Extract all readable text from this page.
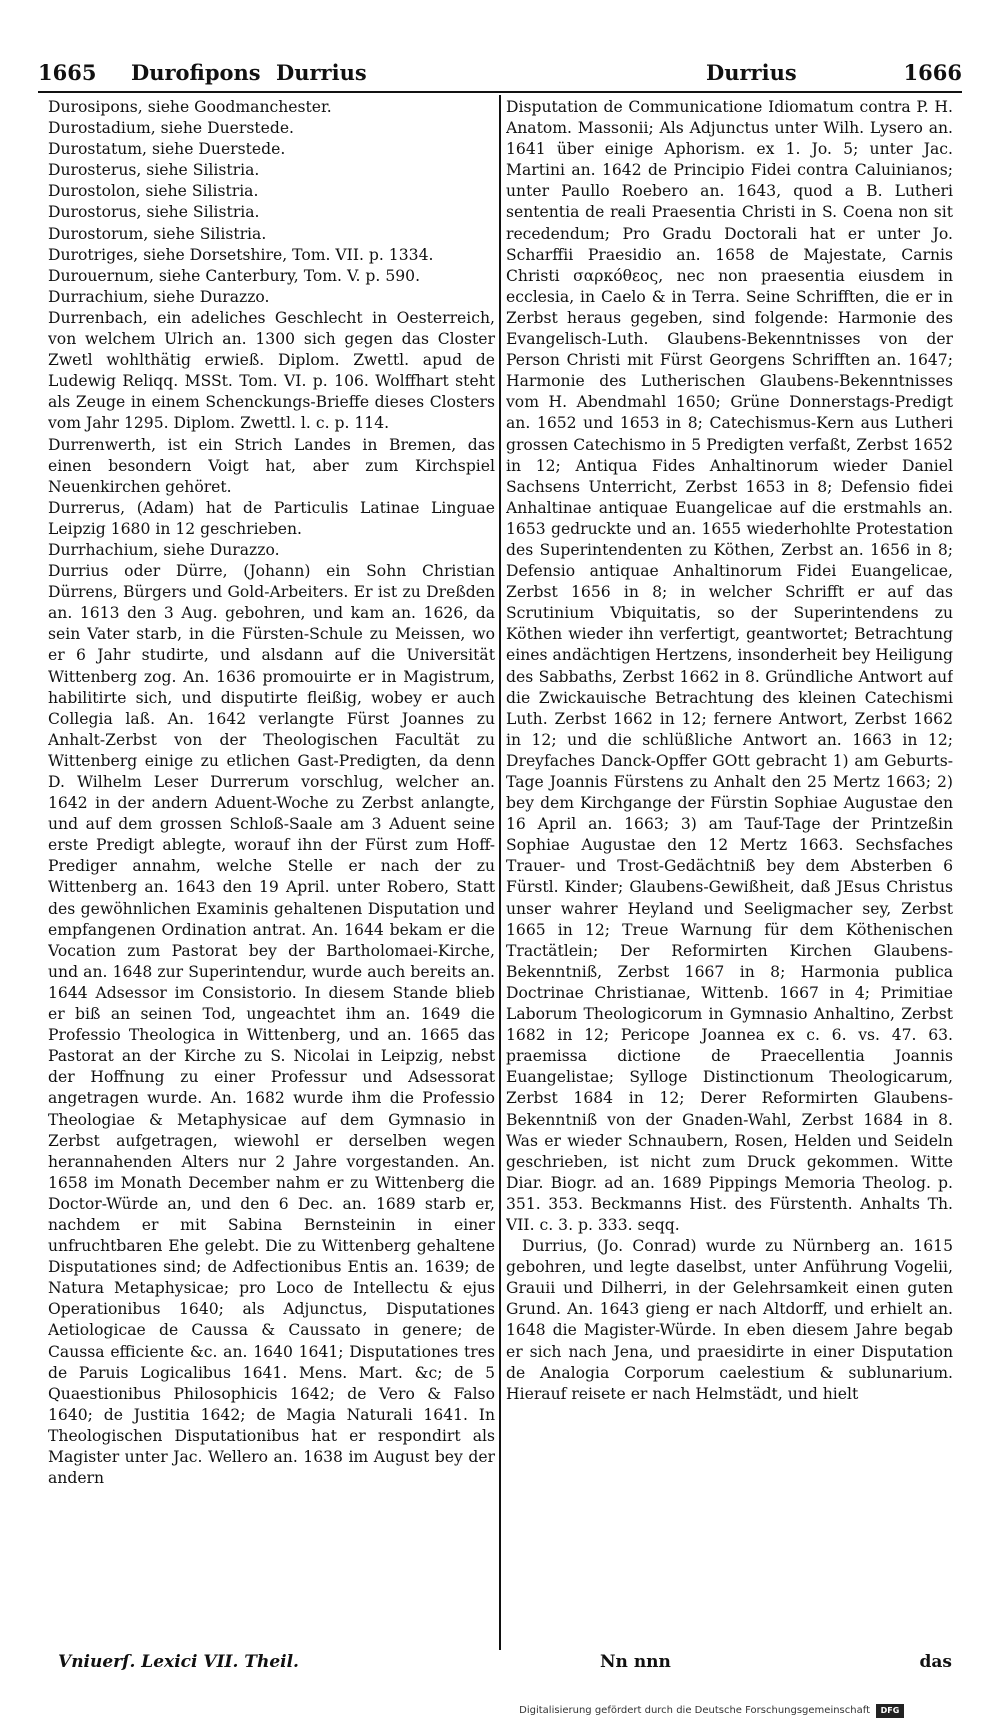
1665 Durofipons Durrius	Durrius	1666

Durosipons, siehe Goodmanchester.

Durostadium, siehe Duerstede.

Durostatum, siehe Duerstede.

Durosterus, siehe Silistria.

Durostolon, siehe Silistria.

Durostorus, siehe Silistria.

Durostorum, siehe Silistria.

Durotriges, siehe Dorsetshire, Tom. VII. p. 1334.

Durouernum, siehe Canterbury, Tom. V. p. 590.

Durrachium, siehe Durazzo.

Durrenbach, ein adeliches Geschlecht in Oesterreich, von welchem Ulrich an. 1300 sich gegen das Closter Zwetl wohlthätig erwieß. Diplom. Zwettl. apud de Ludewig Reliqq. MSSt. Tom. VI. p. 106. Wolffhart steht als Zeuge in einem Schenckungs-Brieffe dieses Closters vom Jahr 1295. Diplom. Zwettl. l. c. p. 114.

Durrenwerth, ist ein Strich Landes in Bremen, das einen besondern Voigt hat, aber zum Kirchspiel Neuenkirchen gehöret.

Durrerus, (Adam) hat de Particulis Latinae Linguae Leipzig 1680 in 12 geschrieben.

Durrhachium, siehe Durazzo.

Durrius oder Dürre, (Johann) ein Sohn Christian Dürrens, Bürgers und Gold-Arbeiters. Er ist zu Dreßden an. 1613 den 3 Aug. gebohren, und kam an. 1626, da sein Vater starb, in die Fürsten-Schule zu Meissen, wo er 6 Jahr studirte, und alsdann auf die Universität Wittenberg zog. An. 1636 promouirte er in Magistrum, habilitirte sich, und disputirte fleißig, wobey er auch Collegia laß. An. 1642 verlangte Fürst Joannes zu Anhalt-Zerbst von der Theologischen Facultät zu Wittenberg einige zu etlichen Gast-Predigten, da denn D. Wilhelm Leser Durrerum vorschlug, welcher an. 1642 in der andern Aduent-Woche zu Zerbst anlangte, und auf dem grossen Schloß-Saale am 3 Aduent seine erste Predigt ablegte, worauf ihn der Fürst zum Hoff-Prediger annahm, welche Stelle er nach der zu Wittenberg an. 1643 den 19 April. unter Robero, Statt des gewöhnlichen Examinis gehaltenen Disputation und empfangenen Ordination antrat. An. 1644 bekam er die Vocation zum Pastorat bey der Bartholomaei-Kirche, und an. 1648 zur Superintendur, wurde auch bereits an. 1644 Adsessor im Consistorio. In diesem Stande blieb er biß an seinen Tod, ungeachtet ihm an. 1649 die Professio Theologica in Wittenberg, und an. 1665 das Pastorat an der Kirche zu S. Nicolai in Leipzig, nebst der Hoffnung zu einer Professur und Adsessorat angetragen wurde. An. 1682 wurde ihm die Professio Theologiae & Metaphysicae auf dem Gymnasio in Zerbst aufgetragen, wiewohl er derselben wegen herannahenden Alters nur 2 Jahre vorgestanden. An. 1658 im Monath December nahm er zu Wittenberg die Doctor-Würde an, und den 6 Dec. an. 1689 starb er, nachdem er mit Sabina Bernsteinin in einer unfruchtbaren Ehe gelebt. Die zu Wittenberg gehaltene Disputationes sind; de Adfectionibus Entis an. 1639; de Natura Metaphysicae; pro Loco de Intellectu & ejus Operationibus 1640; als Adjunctus, Disputationes Aetiologicae de Caussa & Caussato in genere; de Caussa efficiente &c. an. 1640 1641; Disputationes tres de Paruis Logicalibus 1641. Mens. Mart. &c; de 5 Quaestionibus Philosophicis 1642; de Vero & Falso 1640; de Justitia 1642; de Magia Naturali 1641. In Theologischen Disputationibus hat er respondirt als Magister unter Jac. Wellero an. 1638 im August bey der andern

Disputation de Communicatione Idiomatum contra P. H. Anatom. Massonii; Als Adjunctus unter Wilh. Lysero an. 1641 über einige Aphorism. ex 1. Jo. 5; unter Jac. Martini an. 1642 de Principio Fidei contra Caluinianos; unter Paullo Roebero an. 1643, quod a B. Lutheri sententia de reali Praesentia Christi in S. Coena non sit recedendum; Pro Gradu Doctorali hat er unter Jo. Scharffii Praesidio an. 1658 de Majestate, Carnis Christi σαρκόθεος, nec non praesentia eiusdem in ecclesia, in Caelo & in Terra. Seine Schrifften, die er in Zerbst heraus gegeben, sind folgende: Harmonie des Evangelisch-Luth. Glaubens-Bekenntnisses von der Person Christi mit Fürst Georgens Schrifften an. 1647; Harmonie des Lutherischen Glaubens-Bekenntnisses vom H. Abendmahl 1650; Grüne Donnerstags-Predigt an. 1652 und 1653 in 8; Catechismus-Kern aus Lutheri grossen Catechismo in 5 Predigten verfaßt, Zerbst 1652 in 12; Antiqua Fides Anhaltinorum wieder Daniel Sachsens Unterricht, Zerbst 1653 in 8; Defensio fidei Anhaltinae antiquae Euangelicae auf die erstmahls an. 1653 gedruckte und an. 1655 wiederhohlte Protestation des Superintendenten zu Köthen, Zerbst an. 1656 in 8; Defensio antiquae Anhaltinorum Fidei Euangelicae, Zerbst 1656 in 8; in welcher Schrifft er auf das Scrutinium Vbiquitatis, so der Superintendens zu Köthen wieder ihn verfertigt, geantwortet; Betrachtung eines andächtigen Hertzens, insonderheit bey Heiligung des Sabbaths, Zerbst 1662 in 8. Gründliche Antwort auf die Zwickauische Betrachtung des kleinen Catechismi Luth. Zerbst 1662 in 12; fernere Antwort, Zerbst 1662 in 12; und die schlüßliche Antwort an. 1663 in 12; Dreyfaches Danck-Opffer GOtt gebracht 1) am Geburts-Tage Joannis Fürstens zu Anhalt den 25 Mertz 1663; 2) bey dem Kirchgange der Fürstin Sophiae Augustae den 16 April an. 1663; 3) am Tauf-Tage der Printzeßin Sophiae Augustae den 12 Mertz 1663. Sechsfaches Trauer- und Trost-Gedächtniß bey dem Absterben 6 Fürstl. Kinder; Glaubens-Gewißheit, daß JEsus Christus unser wahrer Heyland und Seeligmacher sey, Zerbst 1665 in 12; Treue Warnung für dem Köthenischen Tractätlein; Der Reformirten Kirchen Glaubens-Bekenntniß, Zerbst 1667 in 8; Harmonia publica Doctrinae Christianae, Wittenb. 1667 in 4; Primitiae Laborum Theologicorum in Gymnasio Anhaltino, Zerbst 1682 in 12; Pericope Joannea ex c. 6. vs. 47. 63. praemissa dictione de Praecellentia Joannis Euangelistae; Sylloge Distinctionum Theologicarum, Zerbst 1684 in 12; Derer Reformirten Glaubens-Bekenntniß von der Gnaden-Wahl, Zerbst 1684 in 8. Was er wieder Schnaubern, Rosen, Helden und Seideln geschrieben, ist nicht zum Druck gekommen. Witte Diar. Biogr. ad an. 1689 Pippings Memoria Theolog. p. 351. 353. Beckmanns Hist. des Fürstenth. Anhalts Th. VII. c. 3. p. 333. seqq.

Durrius, (Jo. Conrad) wurde zu Nürnberg an. 1615 gebohren, und legte daselbst, unter Anführung Vogelii, Grauii und Dilherri, in der Gelehrsamkeit einen guten Grund. An. 1643 gieng er nach Altdorff, und erhielt an. 1648 die Magister-Würde. In eben diesem Jahre begab er sich nach Jena, und praesidirte in einer Disputation de Analogia Corporum caelestium & sublunarium. Hierauf reisete er nach Helmstädt, und hielt

Vniuerſ. Lexici VII. Theil.	Nn nnn	das
Digitalisierung gefördert durch die Deutsche Forschungsgemeinschaft	DFG
